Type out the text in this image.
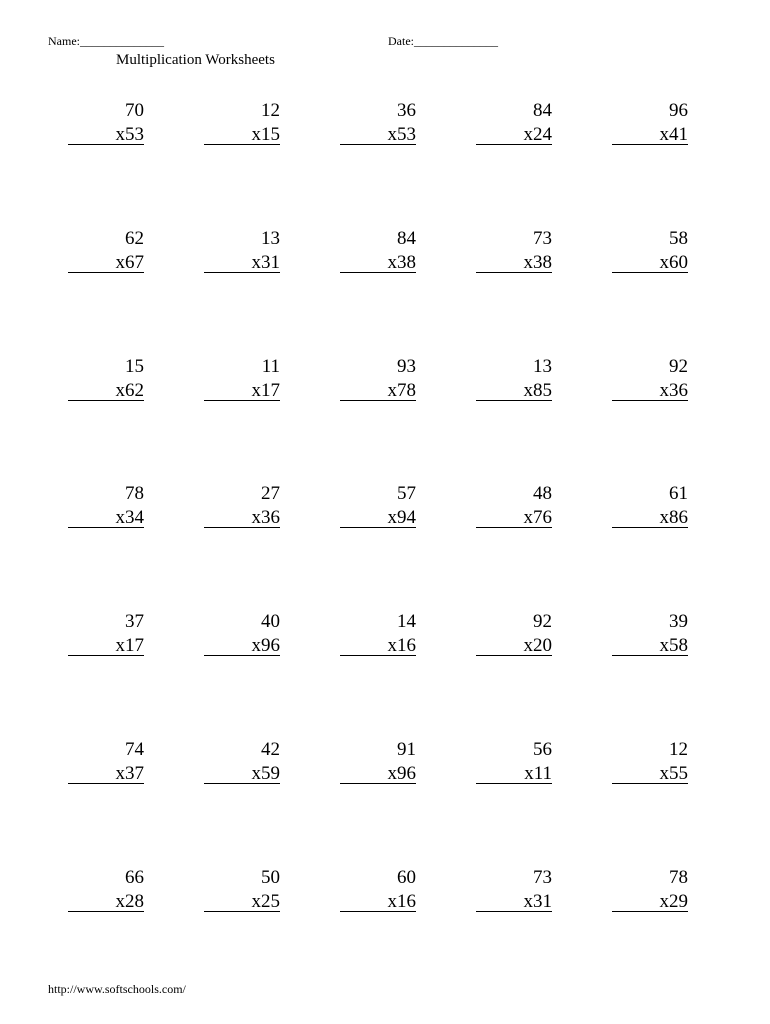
Name:______________	Date:______________
Multiplication Worksheets
70
x53
12
x15
36
x53
84
x24
96
x41
62
x67
13
x31
84
x38
73
x38
58
x60
15
x62
11
x17
93
x78
13
x85
92
x36
78
x34
27
x36
57
x94
48
x76
61
x86
37
x17
40
x96
14
x16
92
x20
39
x58
74
x37
42
x59
91
x96
56
x11
12
x55
66
x28
50
x25
60
x16
73
x31
78
x29
http://www.softschools.com/
